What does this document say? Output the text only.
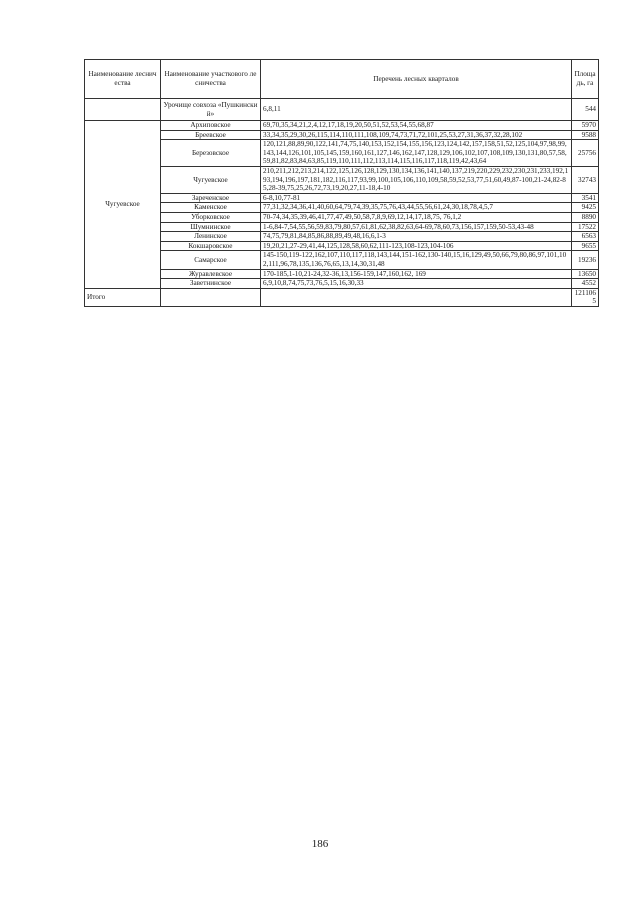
Наименование лесничества	Наименование участкового лесничества	Перечень лесных кварталов	Площадь, га
	Урочище совхоза «Пушкинский»	6,8,11	544
Чугуевское	Архиповское	69,70,35,34,21,2,4,12,17,18,19,20,50,51,52,53,54,55,68,87	5970
	Бреевское	33,34,35,29,30,26,115,114,110,111,108,109,74,73,71,72,101,25,53,27,31,36,37,32,28,102	9588
	Березовское	120,121,88,89,90,122,141,74,75,140,153,152,154,155,156,123,124,142,157,158,51,52,125,104,97,98,99,143,144,126,101,105,145,159,160,161,127,146,162,147,128,129,106,102,107,108,109,130,131,80,57,58,59,81,82,83,84,63,85,119,110,111,112,113,114,115,116,117,118,119,42,43,64	25756
	Чугуевское	210,211,212,213,214,122,125,126,128,129,130,134,136,141,140,137,219,220,229,232,230,231,233,192,193,194,196,197,181,182,116,117,93,99,100,105,106,110,109,58,59,52,53,77,51,60,49,87-100,21-24,82-85,28-39,75,25,26,72,73,19,20,27,11-18,4-10	32743
	Зареченское	6-8,10,77-81	3541
	Каменское	77,31,32,34,36,41,40,60,64,79,74,39,35,75,76,43,44,55,56,61,24,30,18,78,4,5,7	9425
	Уборковское	70-74,34,35,39,46,41,77,47,49,50,58,7,8,9,69,12,14,17,18,75, 76,1,2	8890
	Шумнинское	1-6,84-7,54,55,56,59,83,79,80,57,61,81,62,38,82,63,64-69,78,60,73,156,157,159,50-53,43-48	17522
	Ленинское	74,75,79,81,84,85,86,88,89,49,48,16,6,1-3	6563
	Кокшаровское	19,20,21,27-29,41,44,125,128,58,60,62,111-123,108-123,104-106	9655
	Самарское	145-150,119-122,162,107,110,117,118,143,144,151-162,130-140,15,16,129,49,50,66,79,80,86,97,101,102,111,96,78,135,136,76,65,13,14,30,31,48	19236
	Журавлевское	170-185,1-10,21-24,32-36,13,156-159,147,160,162, 169	13650
	Заветнинское	6,9,10,8,74,75,73,76,5,15,16,30,33	4552
Итого			1211065
186
